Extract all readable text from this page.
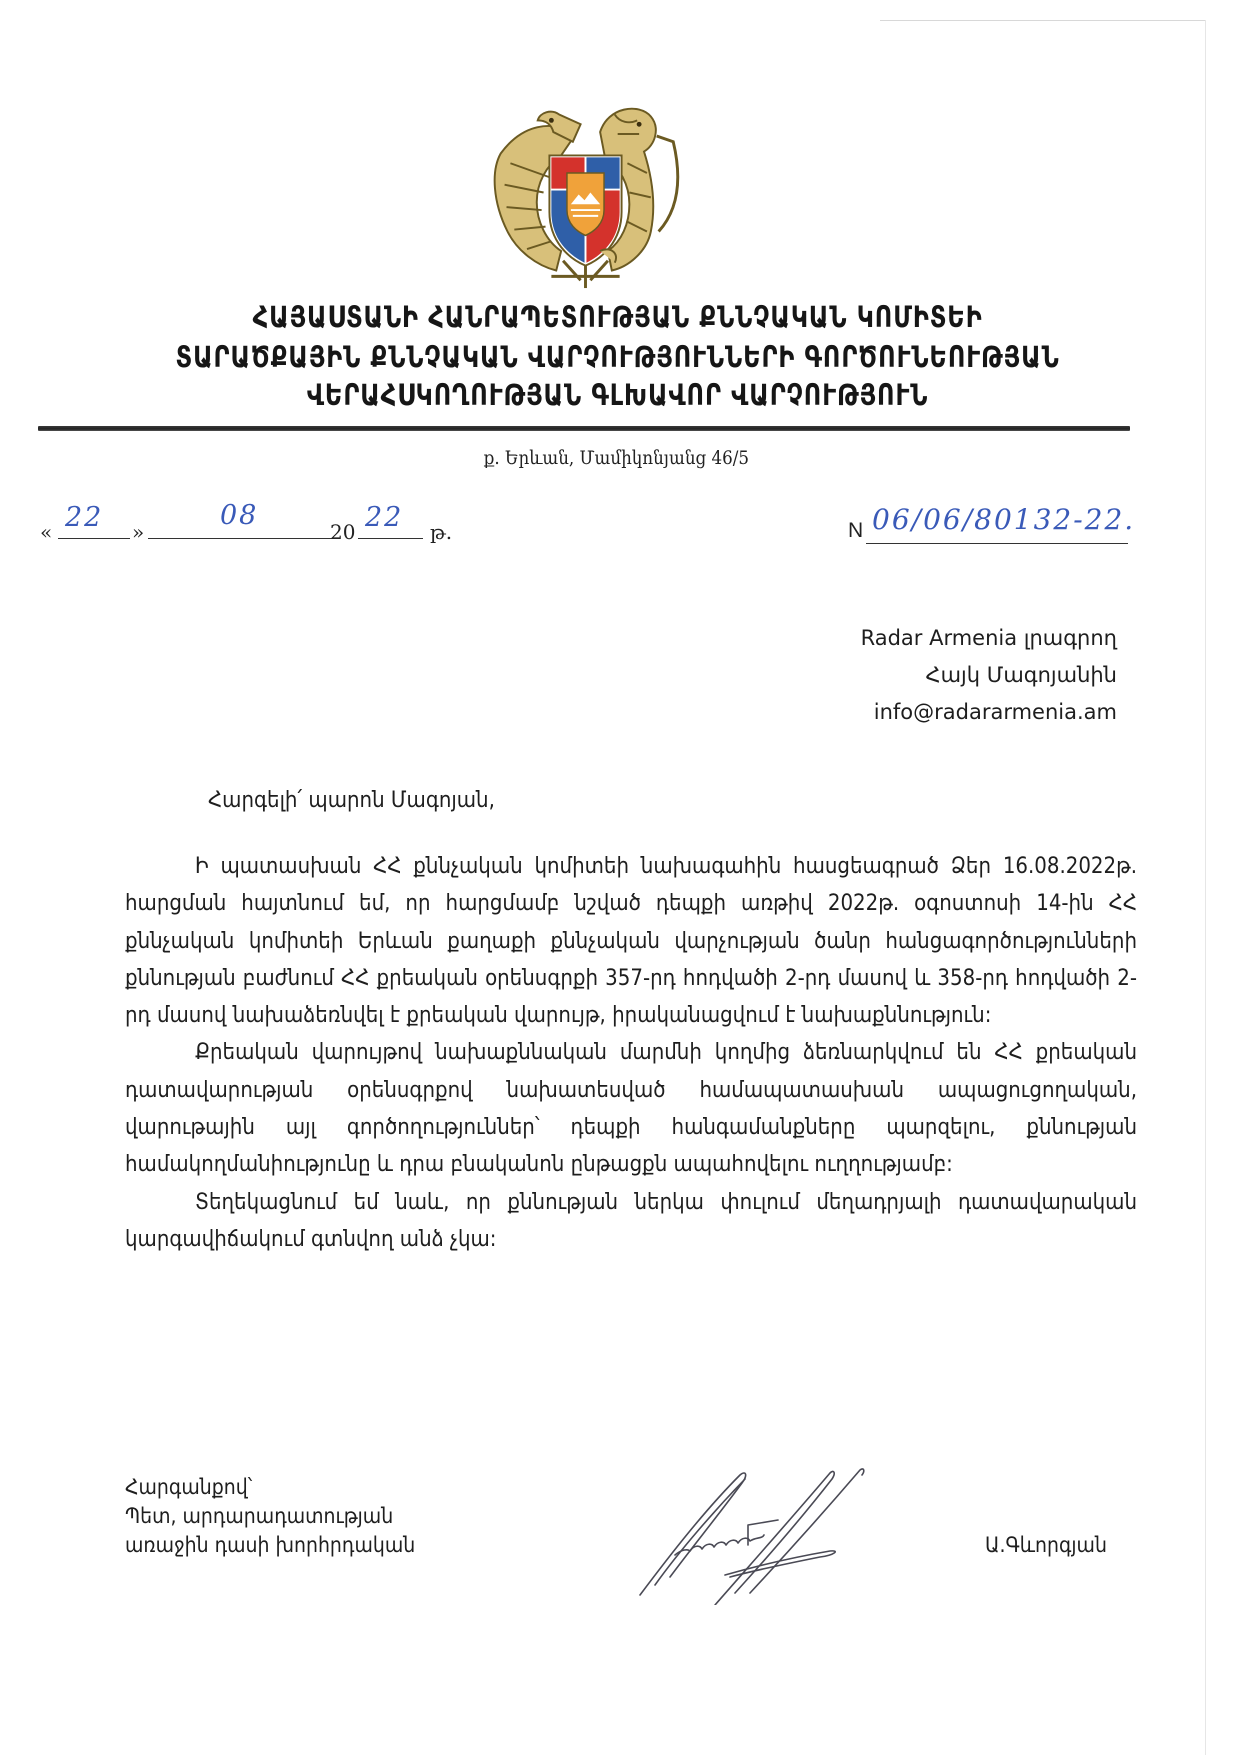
ՀԱՅԱՍՏԱՆԻ ՀԱՆՐԱՊԵՏՈՒԹՅԱՆ ՔՆՆՉԱԿԱՆ ԿՈՄԻՏԵԻ
ՏԱՐԱԾՔԱՅԻՆ ՔՆՆՉԱԿԱՆ ՎԱՐՉՈՒԹՅՈՒՆՆԵՐԻ ԳՈՐԾՈՒՆԵՈՒԹՅԱՆ
ՎԵՐԱՀՍԿՈՂՈՒԹՅԱՆ ԳԼԽԱՎՈՐ ՎԱՐՉՈՒԹՅՈՒՆ
ք. Երևան, Մամիկոնյանց 46/5
« 22 »
08
20 22 թ.	N 06/06/80132-22.
Radar Armenia լրագրող
Հայկ Մագոյանին
info@radararmenia.am
Հարգելի՛ պարոն Մագոյան,

Ի պատասխան ՀՀ քննչական կոմիտեի նախագահին հասցեագրած Ձեր 16.08.2022թ. հարցման հայտնում եմ, որ հարցմամբ նշված դեպքի առթիվ 2022թ. օգոստոսի 14-ին ՀՀ քննչական կոմիտեի Երևան քաղաքի քննչական վարչության ծանր հանցագործությունների քննության բաժնում ՀՀ քրեական օրենսգրքի 357-րդ հոդվածի 2-րդ մասով և 358-րդ հոդվածի 2-րդ մասով նախաձեռնվել է քրեական վարույթ, իրականացվում է նախաքննություն:

Քրեական վարույթով նախաքննական մարմնի կողմից ձեռնարկվում են ՀՀ քրեական դատավարության օրենսգրքով նախատեսված համապատասխան ապացուցողական, վարութային այլ գործողություններ՝ դեպքի հանգամանքները պարզելու, քննության համակողմանիությունը և դրա բնականոն ընթացքն ապահովելու ուղղությամբ:

Տեղեկացնում եմ նաև, որ քննության ներկա փուլում մեղադրյալի դատավարական կարգավիճակում գտնվող անձ չկա:

Հարգանքով՝
Պետ, արդարադատության
առաջին դասի խորհրդական	Ա.Գևորգյան
